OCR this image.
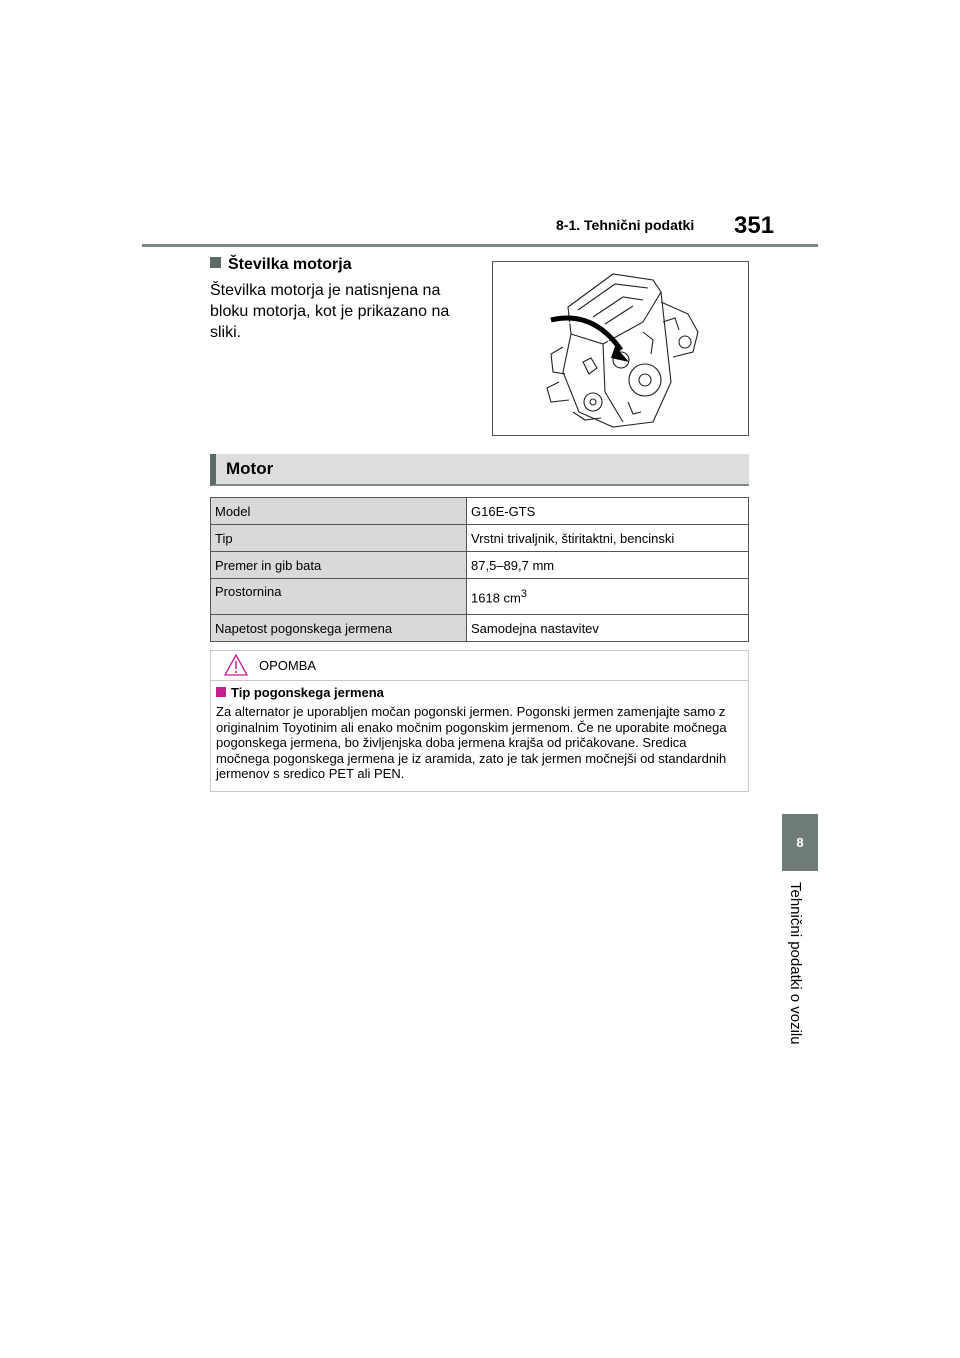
8-1. Tehnični podatki 351
8
Tehnični podatki o vozilu
Številka motorja
Številka motorja je natisnjena na bloku motorja, kot je prikazano na sliki.
Motor
Model	G16E-GTS
Tip	Vrstni trivaljnik, štiritaktni, bencinski
Premer in gib bata	87,5–89,7 mm
Prostornina	1618 $cm^3$
Napetost pogonskega jermena	Samodejna nastavitev
OPOMBA
Tip pogonskega jermena
Za alternator je uporabljen močan pogonski jermen. Pogonski jermen zamenjajte samo z originalnim Toyotinim ali enako močnim pogonskim jermenom. Če ne uporabite močnega pogonskega jermena, bo življenjska doba jermena krajša od pričakovane. Sredica močnega pogonskega jermena je iz aramida, zato je tak jermen močnejši od standardnih jermenov s sredico PET ali PEN.
